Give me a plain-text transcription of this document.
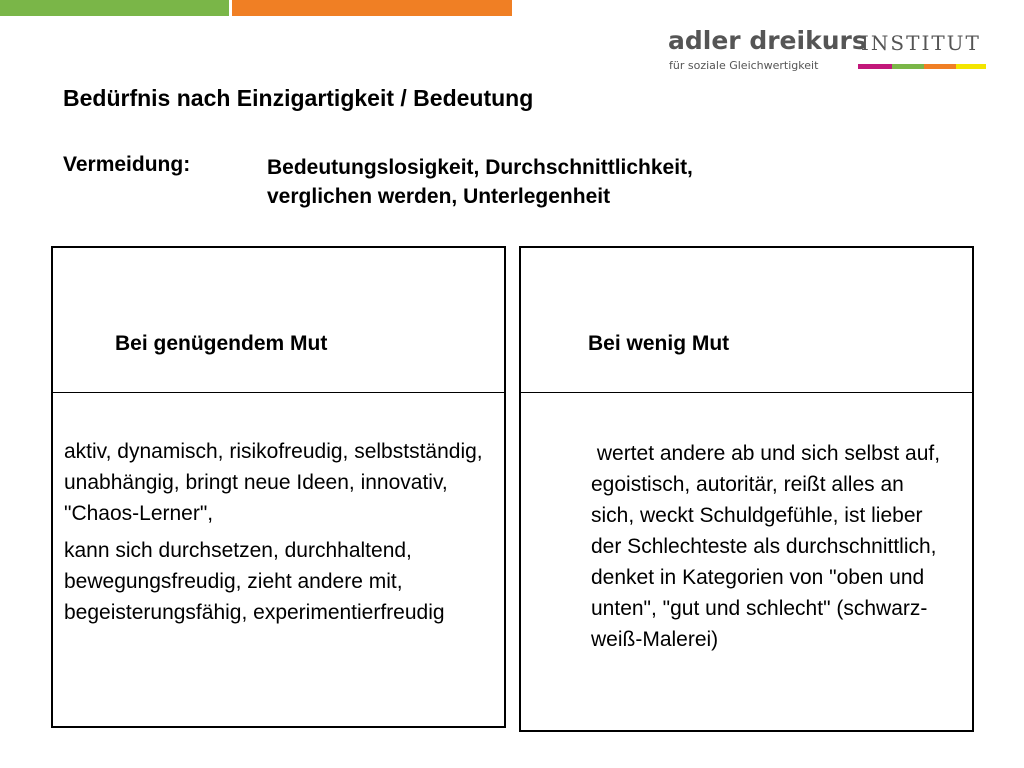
adler dreikurs
INSTITUT
für soziale Gleichwertigkeit
Bedürfnis nach Einzigartigkeit / Bedeutung
Vermeidung:	Bedeutungslosigkeit, Durchschnittlichkeit,
verglichen werden, Unterlegenheit
Bei genügendem Mut

aktiv, dynamisch, risikofreudig, selbstständig, unabhängig, bringt neue Ideen, innovativ, "Chaos-Lerner",

kann sich durchsetzen, durchhaltend, bewegungsfreudig, zieht andere mit, begeisterungsfähig, experimentierfreudig

Bei wenig Mut

wertet andere ab und sich selbst auf, egoistisch, autoritär, reißt alles an sich, weckt Schuldgefühle, ist lieber der Schlechteste als durchschnittlich, denket in Kategorien von "oben und unten", "gut und schlecht" (schwarz-weiß-Malerei)
